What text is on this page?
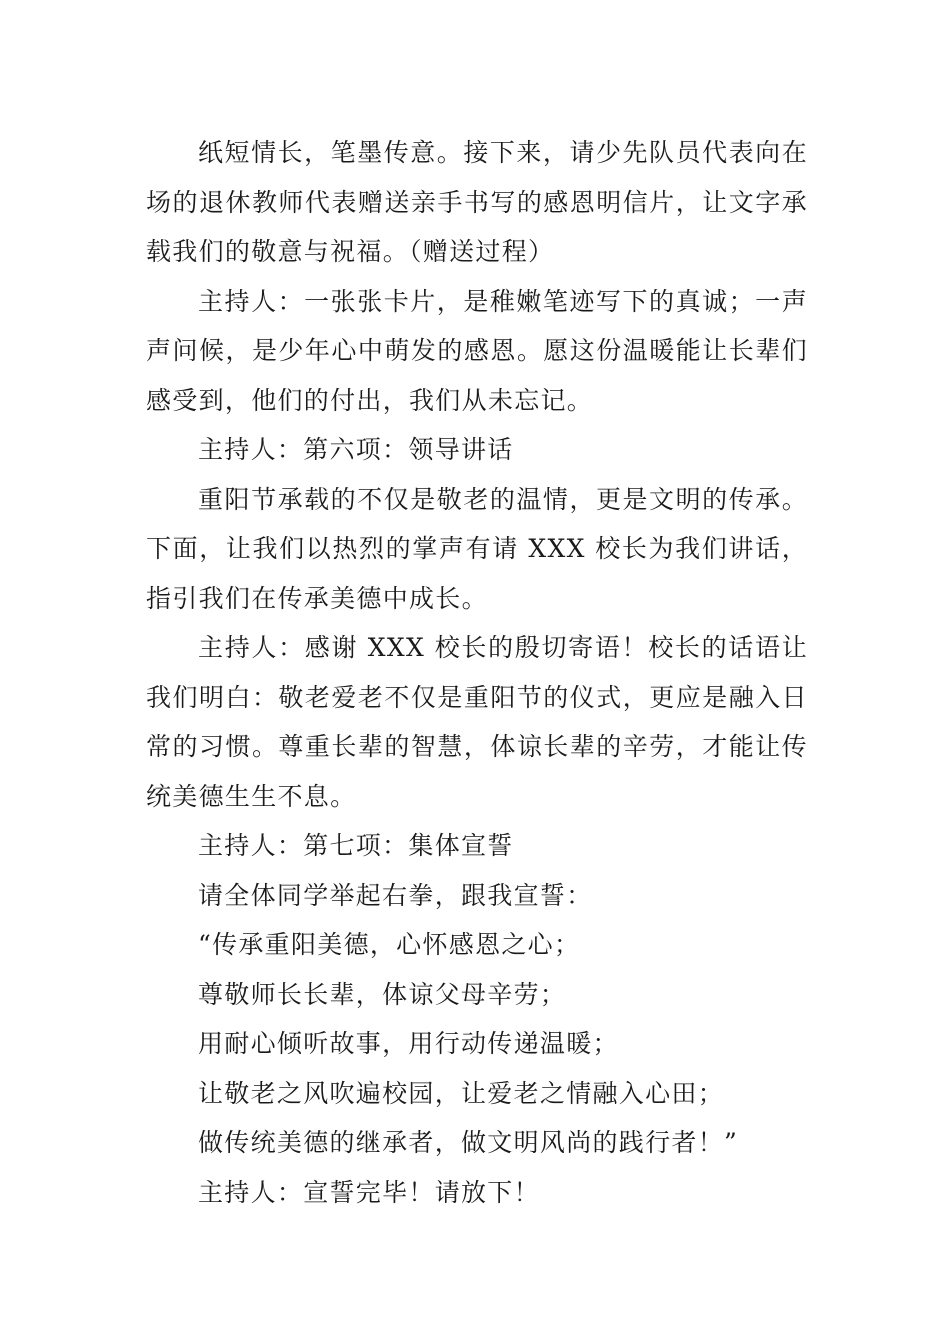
纸短情长，笔墨传意。接下来，请少先队员代表向在场的退休教师代表赠送亲手书写的感恩明信片，让文字承载我们的敬意与祝福。（赠送过程）

主持人：一张张卡片，是稚嫩笔迹写下的真诚；一声声问候，是少年心中萌发的感恩。愿这份温暖能让长辈们感受到，他们的付出，我们从未忘记。

主持人：第六项：领导讲话

重阳节承载的不仅是敬老的温情，更是文明的传承。下面，让我们以热烈的掌声有请 XXX 校长为我们讲话，指引我们在传承美德中成长。

主持人：感谢 XXX 校长的殷切寄语！校长的话语让我们明白：敬老爱老不仅是重阳节的仪式，更应是融入日常的习惯。尊重长辈的智慧，体谅长辈的辛劳，才能让传统美德生生不息。

主持人：第七项：集体宣誓

请全体同学举起右拳，跟我宣誓：

“传承重阳美德，心怀感恩之心；

尊敬师长长辈，体谅父母辛劳；

用耐心倾听故事，用行动传递温暖；

让敬老之风吹遍校园，让爱老之情融入心田；

做传统美德的继承者，做文明风尚的践行者！”

主持人：宣誓完毕！请放下！
